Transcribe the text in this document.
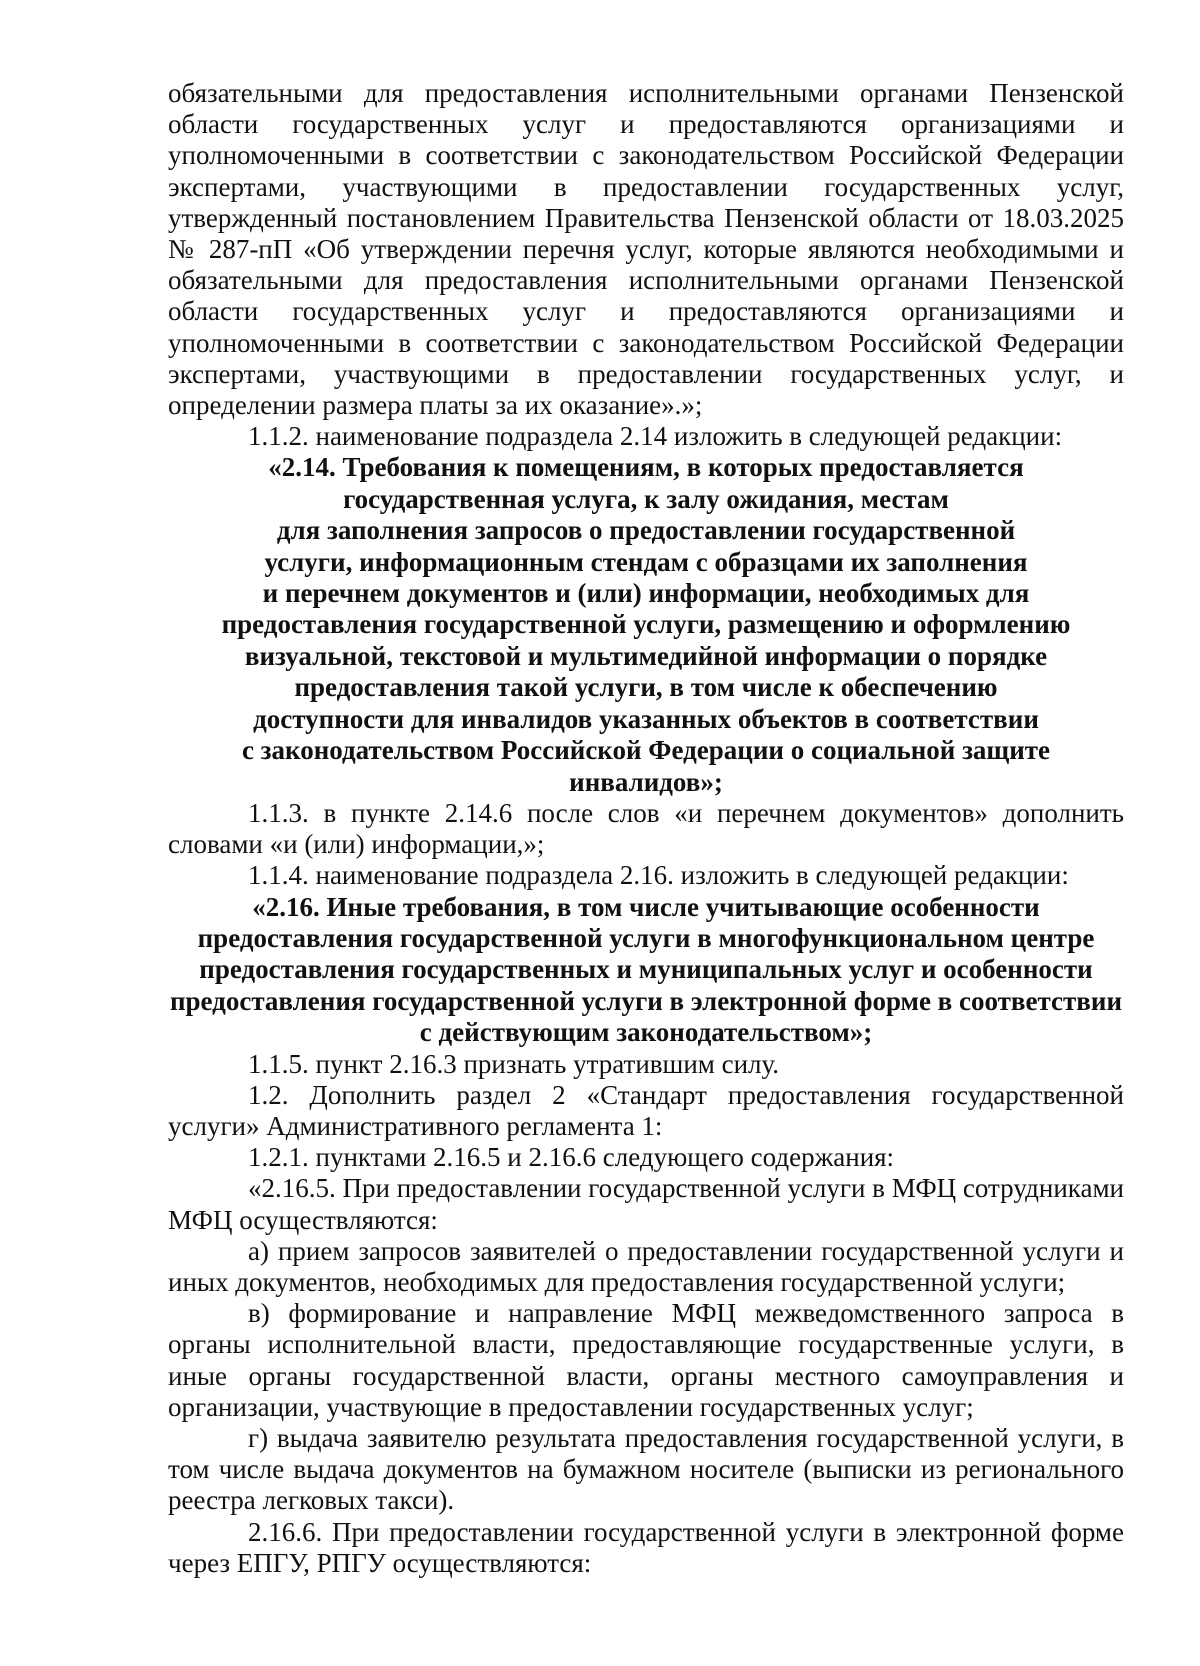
обязательными для предоставления исполнительными органами Пензенской области государственных услуг и предоставляются организациями и уполномоченными в соответствии с законодательством Российской Федерации экспертами, участвующими в предоставлении государственных услуг, утвержденный постановлением Правительства Пензенской области от 18.03.2025 № 287-пП «Об утверждении перечня услуг, которые являются необходимыми и обязательными для предоставления исполнительными органами Пензенской области государственных услуг и предоставляются организациями и уполномоченными в соответствии с законодательством Российской Федерации экспертами, участвующими в предоставлении государственных услуг, и определении размера платы за их оказание».»;

1.1.2. наименование подраздела 2.14 изложить в следующей редакции:

«2.14. Требования к помещениям, в которых предоставляется
государственная услуга, к залу ожидания, местам
для заполнения запросов о предоставлении государственной
услуги, информационным стендам с образцами их заполнения
и перечнем документов и (или) информации, необходимых для
предоставления государственной услуги, размещению и оформлению
визуальной, текстовой и мультимедийной информации о порядке
предоставления такой услуги, в том числе к обеспечению
доступности для инвалидов указанных объектов в соответствии
с законодательством Российской Федерации о социальной защите
инвалидов»;

1.1.3. в пункте 2.14.6 после слов «и перечнем документов» дополнить словами «и (или) информации,»;

1.1.4. наименование подраздела 2.16. изложить в следующей редакции:

«2.16. Иные требования, в том числе учитывающие особенности
предоставления государственной услуги в многофункциональном центре
предоставления государственных и муниципальных услуг и особенности
предоставления государственной услуги в электронной форме в соответствии
с действующим законодательством»;

1.1.5. пункт 2.16.3 признать утратившим силу.

1.2. Дополнить раздел 2 «Стандарт предоставления государственной услуги» Административного регламента 1:

1.2.1. пунктами 2.16.5 и 2.16.6 следующего содержания:

«2.16.5. При предоставлении государственной услуги в МФЦ сотрудниками МФЦ осуществляются:

а) прием запросов заявителей о предоставлении государственной услуги и иных документов, необходимых для предоставления государственной услуги;

в) формирование и направление МФЦ межведомственного запроса в органы исполнительной власти, предоставляющие государственные услуги, в иные органы государственной власти, органы местного самоуправления и организации, участвующие в предоставлении государственных услуг;

г) выдача заявителю результата предоставления государственной услуги, в том числе выдача документов на бумажном носителе (выписки из регионального реестра легковых такси).

2.16.6. При предоставлении государственной услуги в электронной форме через ЕПГУ, РПГУ осуществляются:
